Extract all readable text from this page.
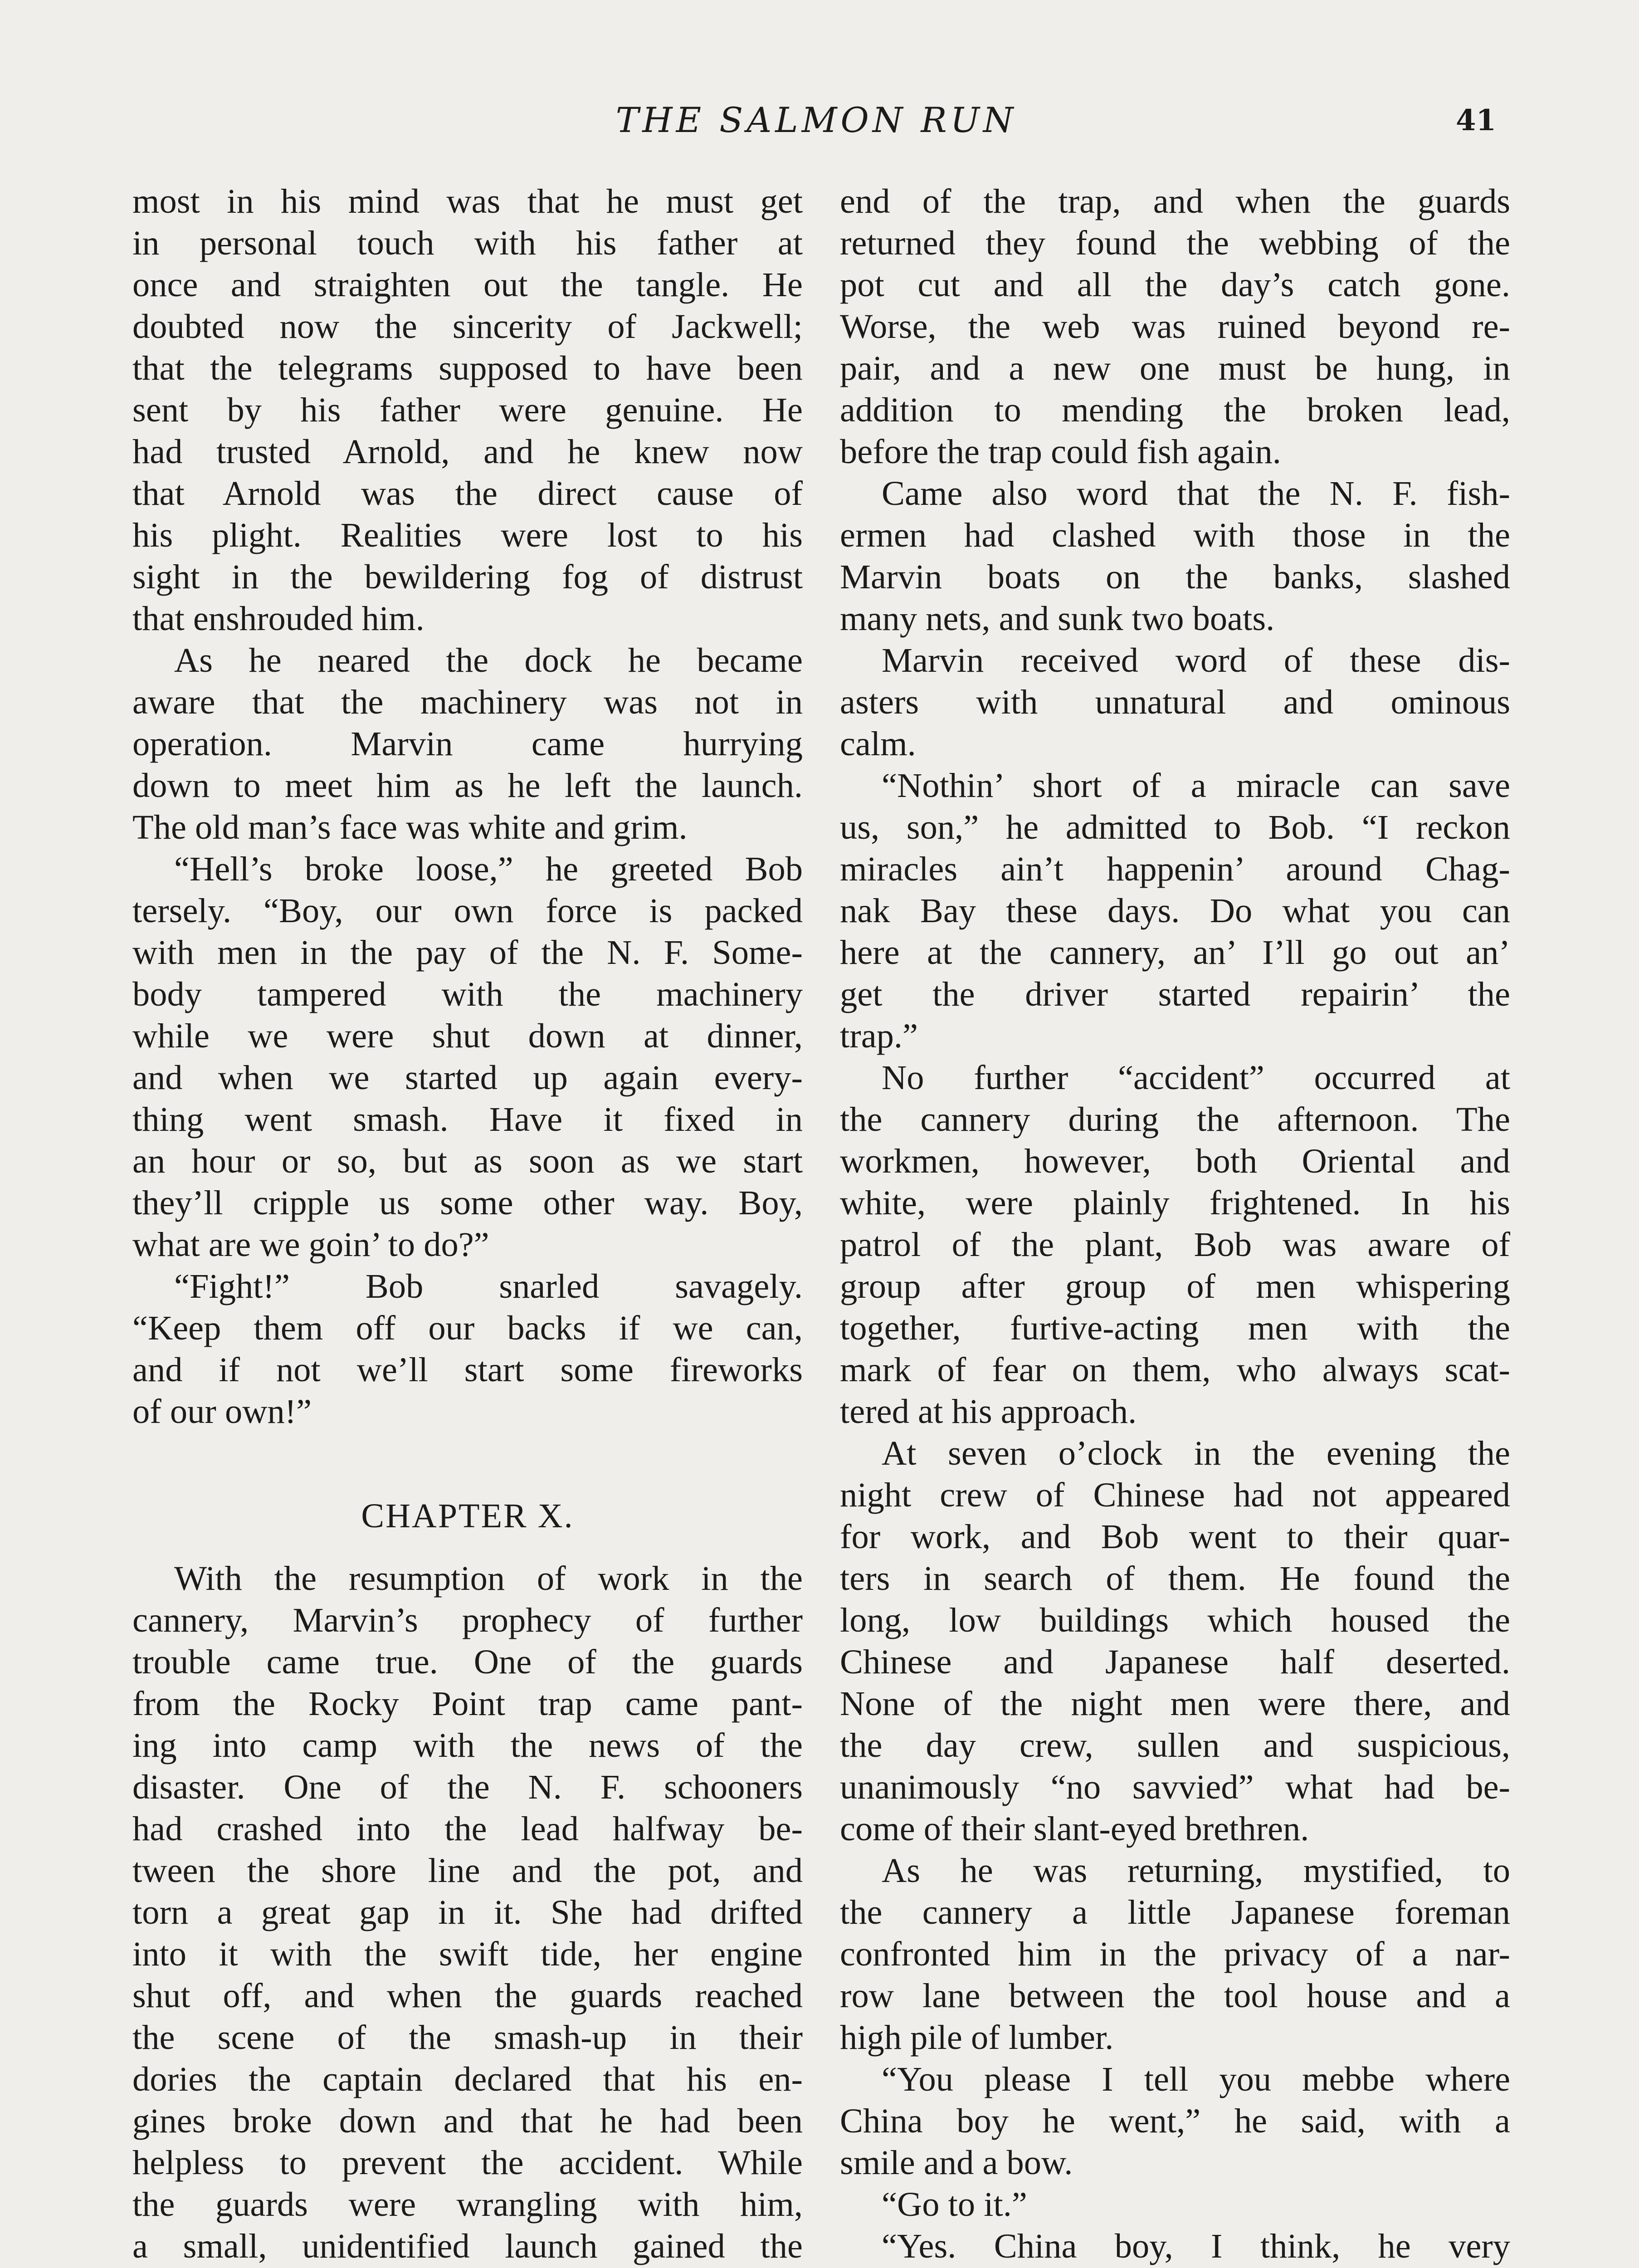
THE SALMON RUN	41
most in his mind was that he must get
in personal touch with his father at
once and straighten out the tangle. He
doubted now the sincerity of Jackwell;
that the telegrams supposed to have been
sent by his father were genuine. He
had trusted Arnold, and he knew now
that Arnold was the direct cause of
his plight. Realities were lost to his
sight in the bewildering fog of distrust
that enshrouded him.
As he neared the dock he became
aware that the machinery was not in
operation. Marvin came hurrying
down to meet him as he left the launch.
The old man’s face was white and grim.
“Hell’s broke loose,” he greeted Bob
tersely. “Boy, our own force is packed
with men in the pay of the N. F. Some-
body tampered with the machinery
while we were shut down at dinner,
and when we started up again every-
thing went smash. Have it fixed in
an hour or so, but as soon as we start
they’ll cripple us some other way. Boy,
what are we goin’ to do?”
“Fight!” Bob snarled savagely.
“Keep them off our backs if we can,
and if not we’ll start some fireworks
of our own!”
CHAPTER X.
With the resumption of work in the
cannery, Marvin’s prophecy of further
trouble came true. One of the guards
from the Rocky Point trap came pant-
ing into camp with the news of the
disaster. One of the N. F. schooners
had crashed into the lead halfway be-
tween the shore line and the pot, and
torn a great gap in it. She had drifted
into it with the swift tide, her engine
shut off, and when the guards reached
the scene of the smash-up in their
dories the captain declared that his en-
gines broke down and that he had been
helpless to prevent the accident. While
the guards were wrangling with him,
a small, unidentified launch gained the
end of the trap, and when the guards
returned they found the webbing of the
pot cut and all the day’s catch gone.
Worse, the web was ruined beyond re-
pair, and a new one must be hung, in
addition to mending the broken lead,
before the trap could fish again.
Came also word that the N. F. fish-
ermen had clashed with those in the
Marvin boats on the banks, slashed
many nets, and sunk two boats.
Marvin received word of these dis-
asters with unnatural and ominous
calm.
“Nothin’ short of a miracle can save
us, son,” he admitted to Bob. “I reckon
miracles ain’t happenin’ around Chag-
nak Bay these days. Do what you can
here at the cannery, an’ I’ll go out an’
get the driver started repairin’ the
trap.”
No further “accident” occurred at
the cannery during the afternoon. The
workmen, however, both Oriental and
white, were plainly frightened. In his
patrol of the plant, Bob was aware of
group after group of men whispering
together, furtive-acting men with the
mark of fear on them, who always scat-
tered at his approach.
At seven o’clock in the evening the
night crew of Chinese had not appeared
for work, and Bob went to their quar-
ters in search of them. He found the
long, low buildings which housed the
Chinese and Japanese half deserted.
None of the night men were there, and
the day crew, sullen and suspicious,
unanimously “no savvied” what had be-
come of their slant-eyed brethren.
As he was returning, mystified, to
the cannery a little Japanese foreman
confronted him in the privacy of a nar-
row lane between the tool house and a
high pile of lumber.
“You please I tell you mebbe where
China boy he went,” he said, with a
smile and a bow.
“Go to it.”
“Yes. China boy, I think, he very
